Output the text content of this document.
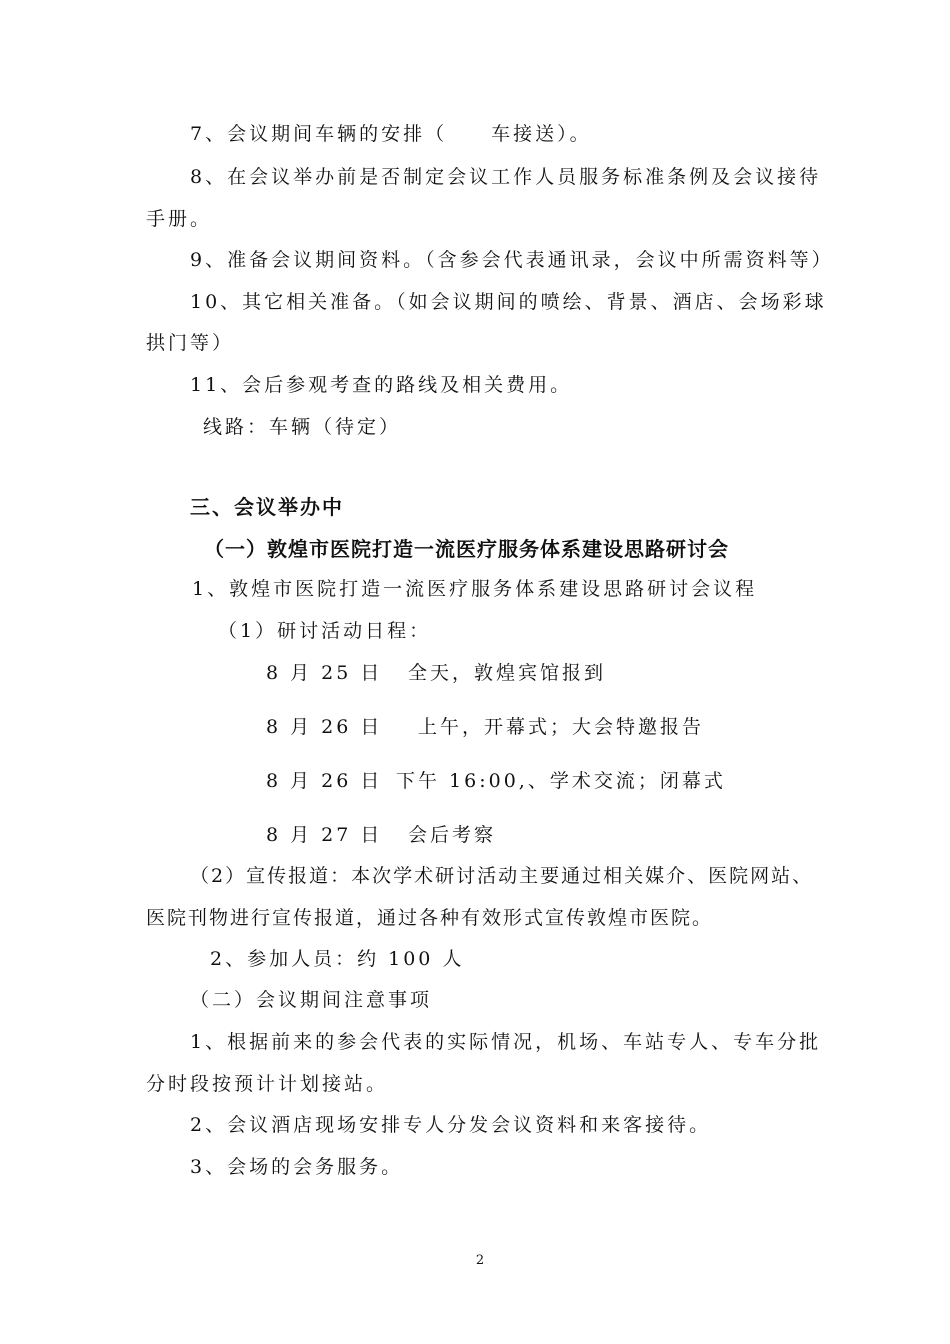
7、会议期间车辆的安排（　　车接送）。
8、在会议举办前是否制定会议工作人员服务标准条例及会议接待
手册。
9、准备会议期间资料。（含参会代表通讯录，会议中所需资料等）
10、其它相关准备。（如会议期间的喷绘、背景、酒店、会场彩球
拱门等）
11、会后参观考查的路线及相关费用。
线路：车辆（待定）
三、会议举办中
（一）敦煌市医院打造一流医疗服务体系建设思路研讨会
1、敦煌市医院打造一流医疗服务体系建设思路研讨会议程
（1）研讨活动日程：
8 月 25 日 全天，敦煌宾馆报到
8 月 26 日 上午，开幕式；大会特邀报告
8 月 26 日 下午 16:00,、学术交流；闭幕式
8 月 27 日 会后考察
（2）宣传报道：本次学术研讨活动主要通过相关媒介、医院网站、
医院刊物进行宣传报道，通过各种有效形式宣传敦煌市医院。
2、参加人员：约 100 人
（二）会议期间注意事项
1、根据前来的参会代表的实际情况，机场、车站专人、专车分批
分时段按预计计划接站。
2、会议酒店现场安排专人分发会议资料和来客接待。
3、会场的会务服务。
2
